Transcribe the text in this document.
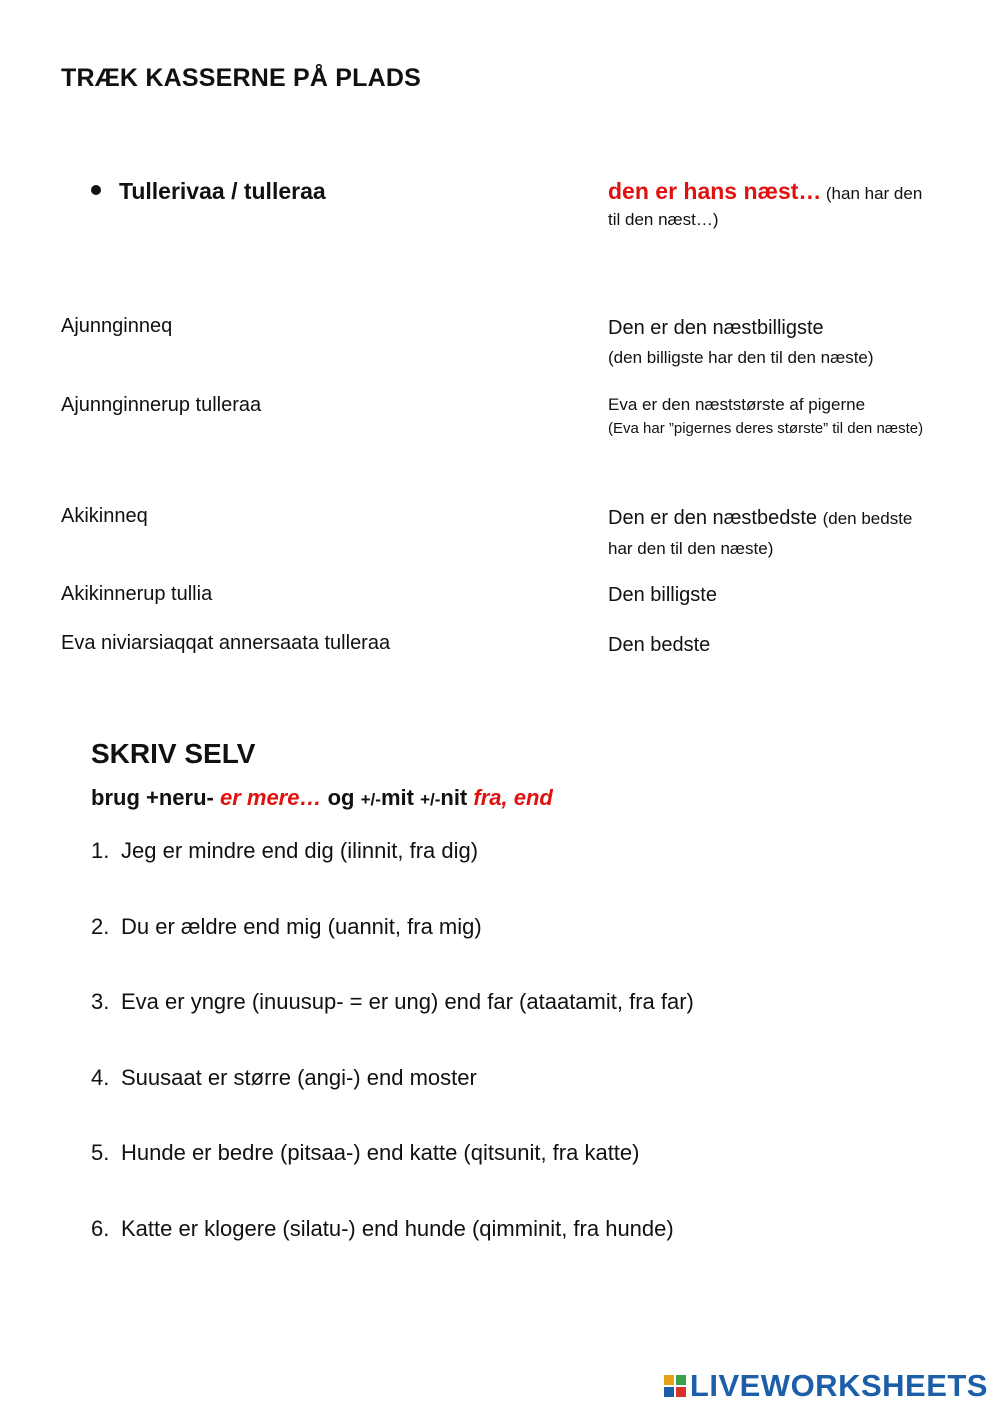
TRÆK KASSERNE PÅ PLADS
Tullerivaa / tulleraa	den er hans næst… (han har den
til den næst…)
Ajunnginneq
Ajunnginnerup tulleraa
Akikinneq
Akikinnerup tullia
Eva niviarsiaqqat annersaata tulleraa
Den er den næstbilligste
(den billigste har den til den næste)
Eva er den næststørste af pigerne
(Eva har ”pigernes deres største” til den næste)
Den er den næstbedste (den bedste
har den til den næste)
Den billigste
Den bedste
SKRIV SELV
brug +neru- er mere… og +/-mit +/-nit fra, end
1. Jeg er mindre end dig (ilinnit, fra dig)
2. Du er ældre end mig (uannit, fra mig)
3. Eva er yngre (inuusup- = er ung) end far (ataatamit, fra far)
4. Suusaat er større (angi-) end moster
5. Hunde er bedre (pitsaa-) end katte (qitsunit, fra katte)
6. Katte er klogere (silatu-) end hunde (qimminit, fra hunde)
LIVEWORKSHEETS
